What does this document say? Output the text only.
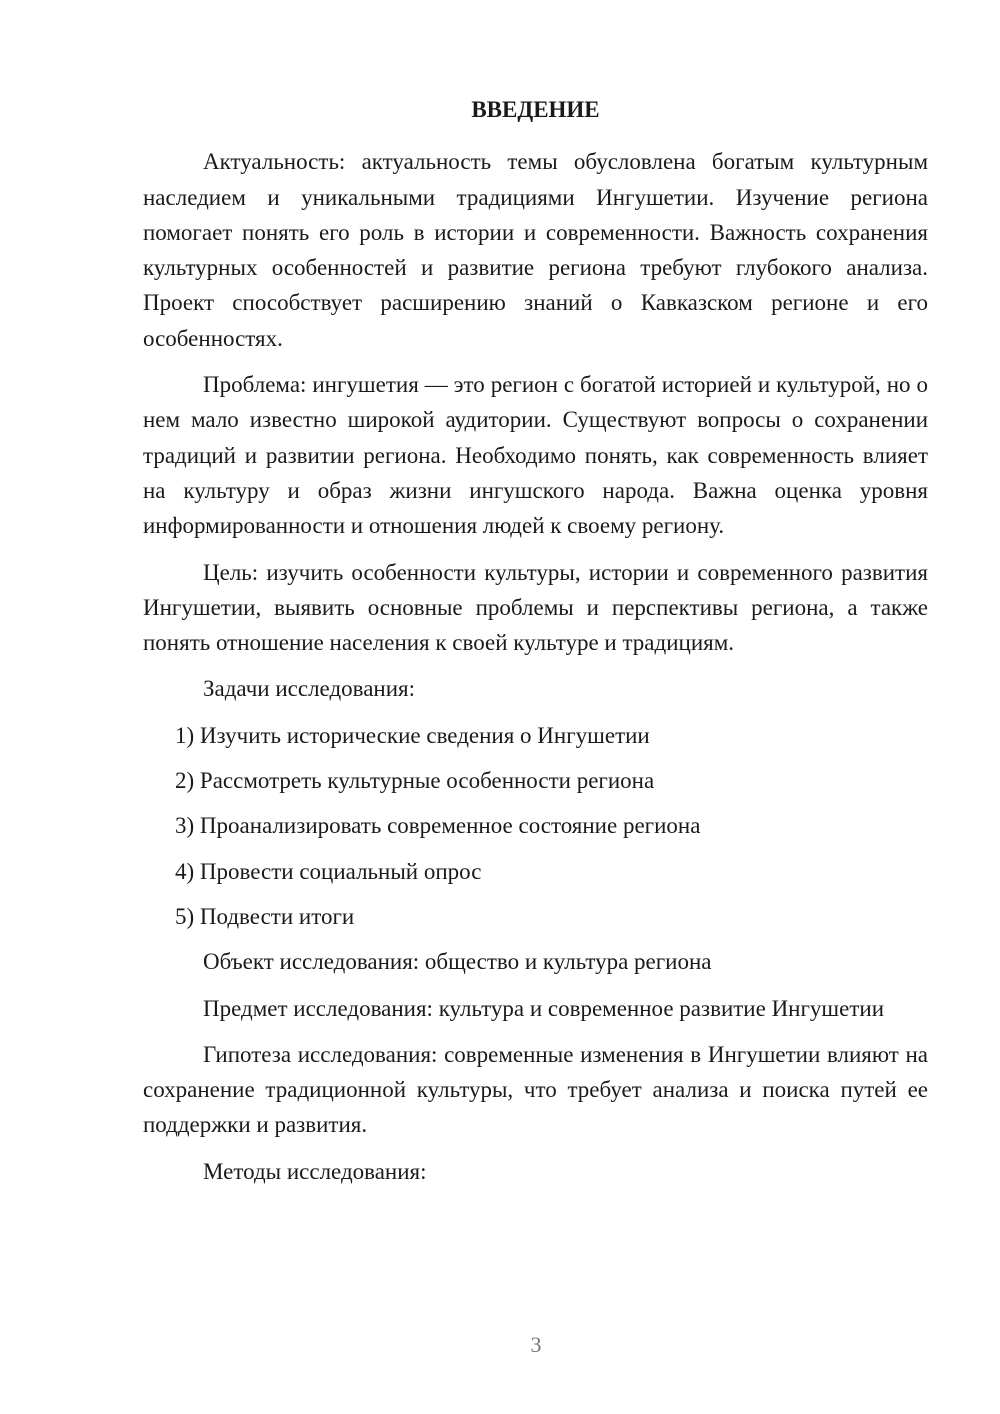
ВВЕДЕНИЕ

Актуальность: актуальность темы обусловлена богатым культурным наследием и уникальными традициями Ингушетии. Изучение региона помогает понять его роль в истории и современности. Важность сохранения культурных особенностей и развитие региона требуют глубокого анализа. Проект способствует расширению знаний о Кавказском регионе и его особенностях.

Проблема: ингушетия — это регион с богатой историей и культурой, но о нем мало известно широкой аудитории. Существуют вопросы о сохранении традиций и развитии региона. Необходимо понять, как современность влияет на культуру и образ жизни ингушского народа. Важна оценка уровня информированности и отношения людей к своему региону.

Цель: изучить особенности культуры, истории и современного развития Ингушетии, выявить основные проблемы и перспективы региона, а также понять отношение населения к своей культуре и традициям.

Задачи исследования:

1) Изучить исторические сведения о Ингушетии
2) Рассмотреть культурные особенности региона
3) Проанализировать современное состояние региона
4) Провести социальный опрос
5) Подвести итоги

Объект исследования: общество и культура региона

Предмет исследования: культура и современное развитие Ингушетии

Гипотеза исследования: современные изменения в Ингушетии влияют на сохранение традиционной культуры, что требует анализа и поиска путей ее поддержки и развития.

Методы исследования:

3
